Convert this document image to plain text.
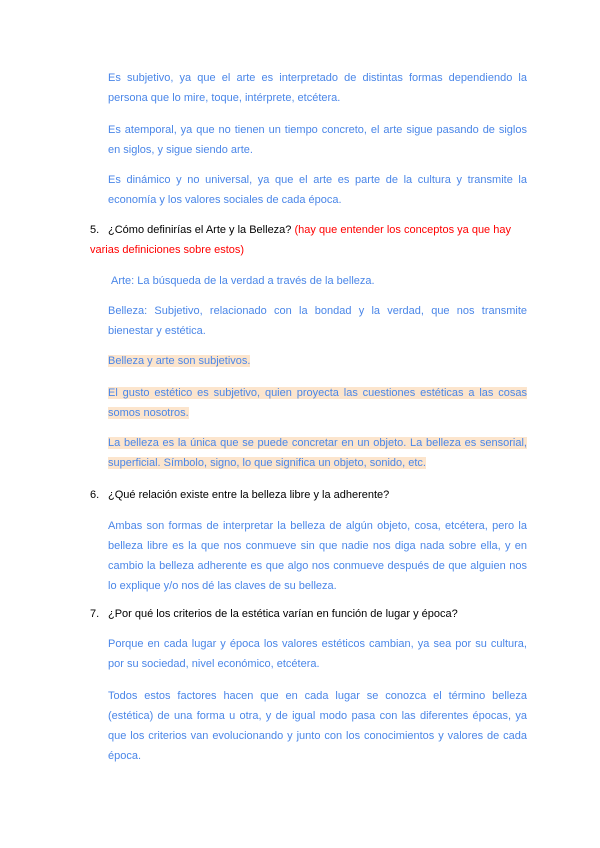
Es subjetivo, ya que el arte es interpretado de distintas formas dependiendo la persona que lo mire, toque, intérprete, etcétera.

Es atemporal, ya que no tienen un tiempo concreto, el arte sigue pasando de siglos en siglos, y sigue siendo arte.

Es dinámico y no universal, ya que el arte es parte de la cultura y transmite la economía y los valores sociales de cada época.

5. ¿Cómo definirías el Arte y la Belleza? (hay que entender los conceptos ya que hay varias definiciones sobre estos)

Arte: La búsqueda de la verdad a través de la belleza.

Belleza: Subjetivo, relacionado con la bondad y la verdad, que nos transmite bienestar y estética.

Belleza y arte son subjetivos.

El gusto estético es subjetivo, quien proyecta las cuestiones estéticas a las cosas somos nosotros.

La belleza es la única que se puede concretar en un objeto. La belleza es sensorial, superficial. Símbolo, signo, lo que significa un objeto, sonido, etc.

6. ¿Qué relación existe entre la belleza libre y la adherente?

Ambas son formas de interpretar la belleza de algún objeto, cosa, etcétera, pero la belleza libre es la que nos conmueve sin que nadie nos diga nada sobre ella, y en cambio la belleza adherente es que algo nos conmueve después de que alguien nos lo explique y/o nos dé las claves de su belleza.

7. ¿Por qué los criterios de la estética varían en función de lugar y época?

Porque en cada lugar y época los valores estéticos cambian, ya sea por su cultura, por su sociedad, nivel económico, etcétera.

Todos estos factores hacen que en cada lugar se conozca el término belleza (estética) de una forma u otra, y de igual modo pasa con las diferentes épocas, ya que los criterios van evolucionando y junto con los conocimientos y valores de cada época.
